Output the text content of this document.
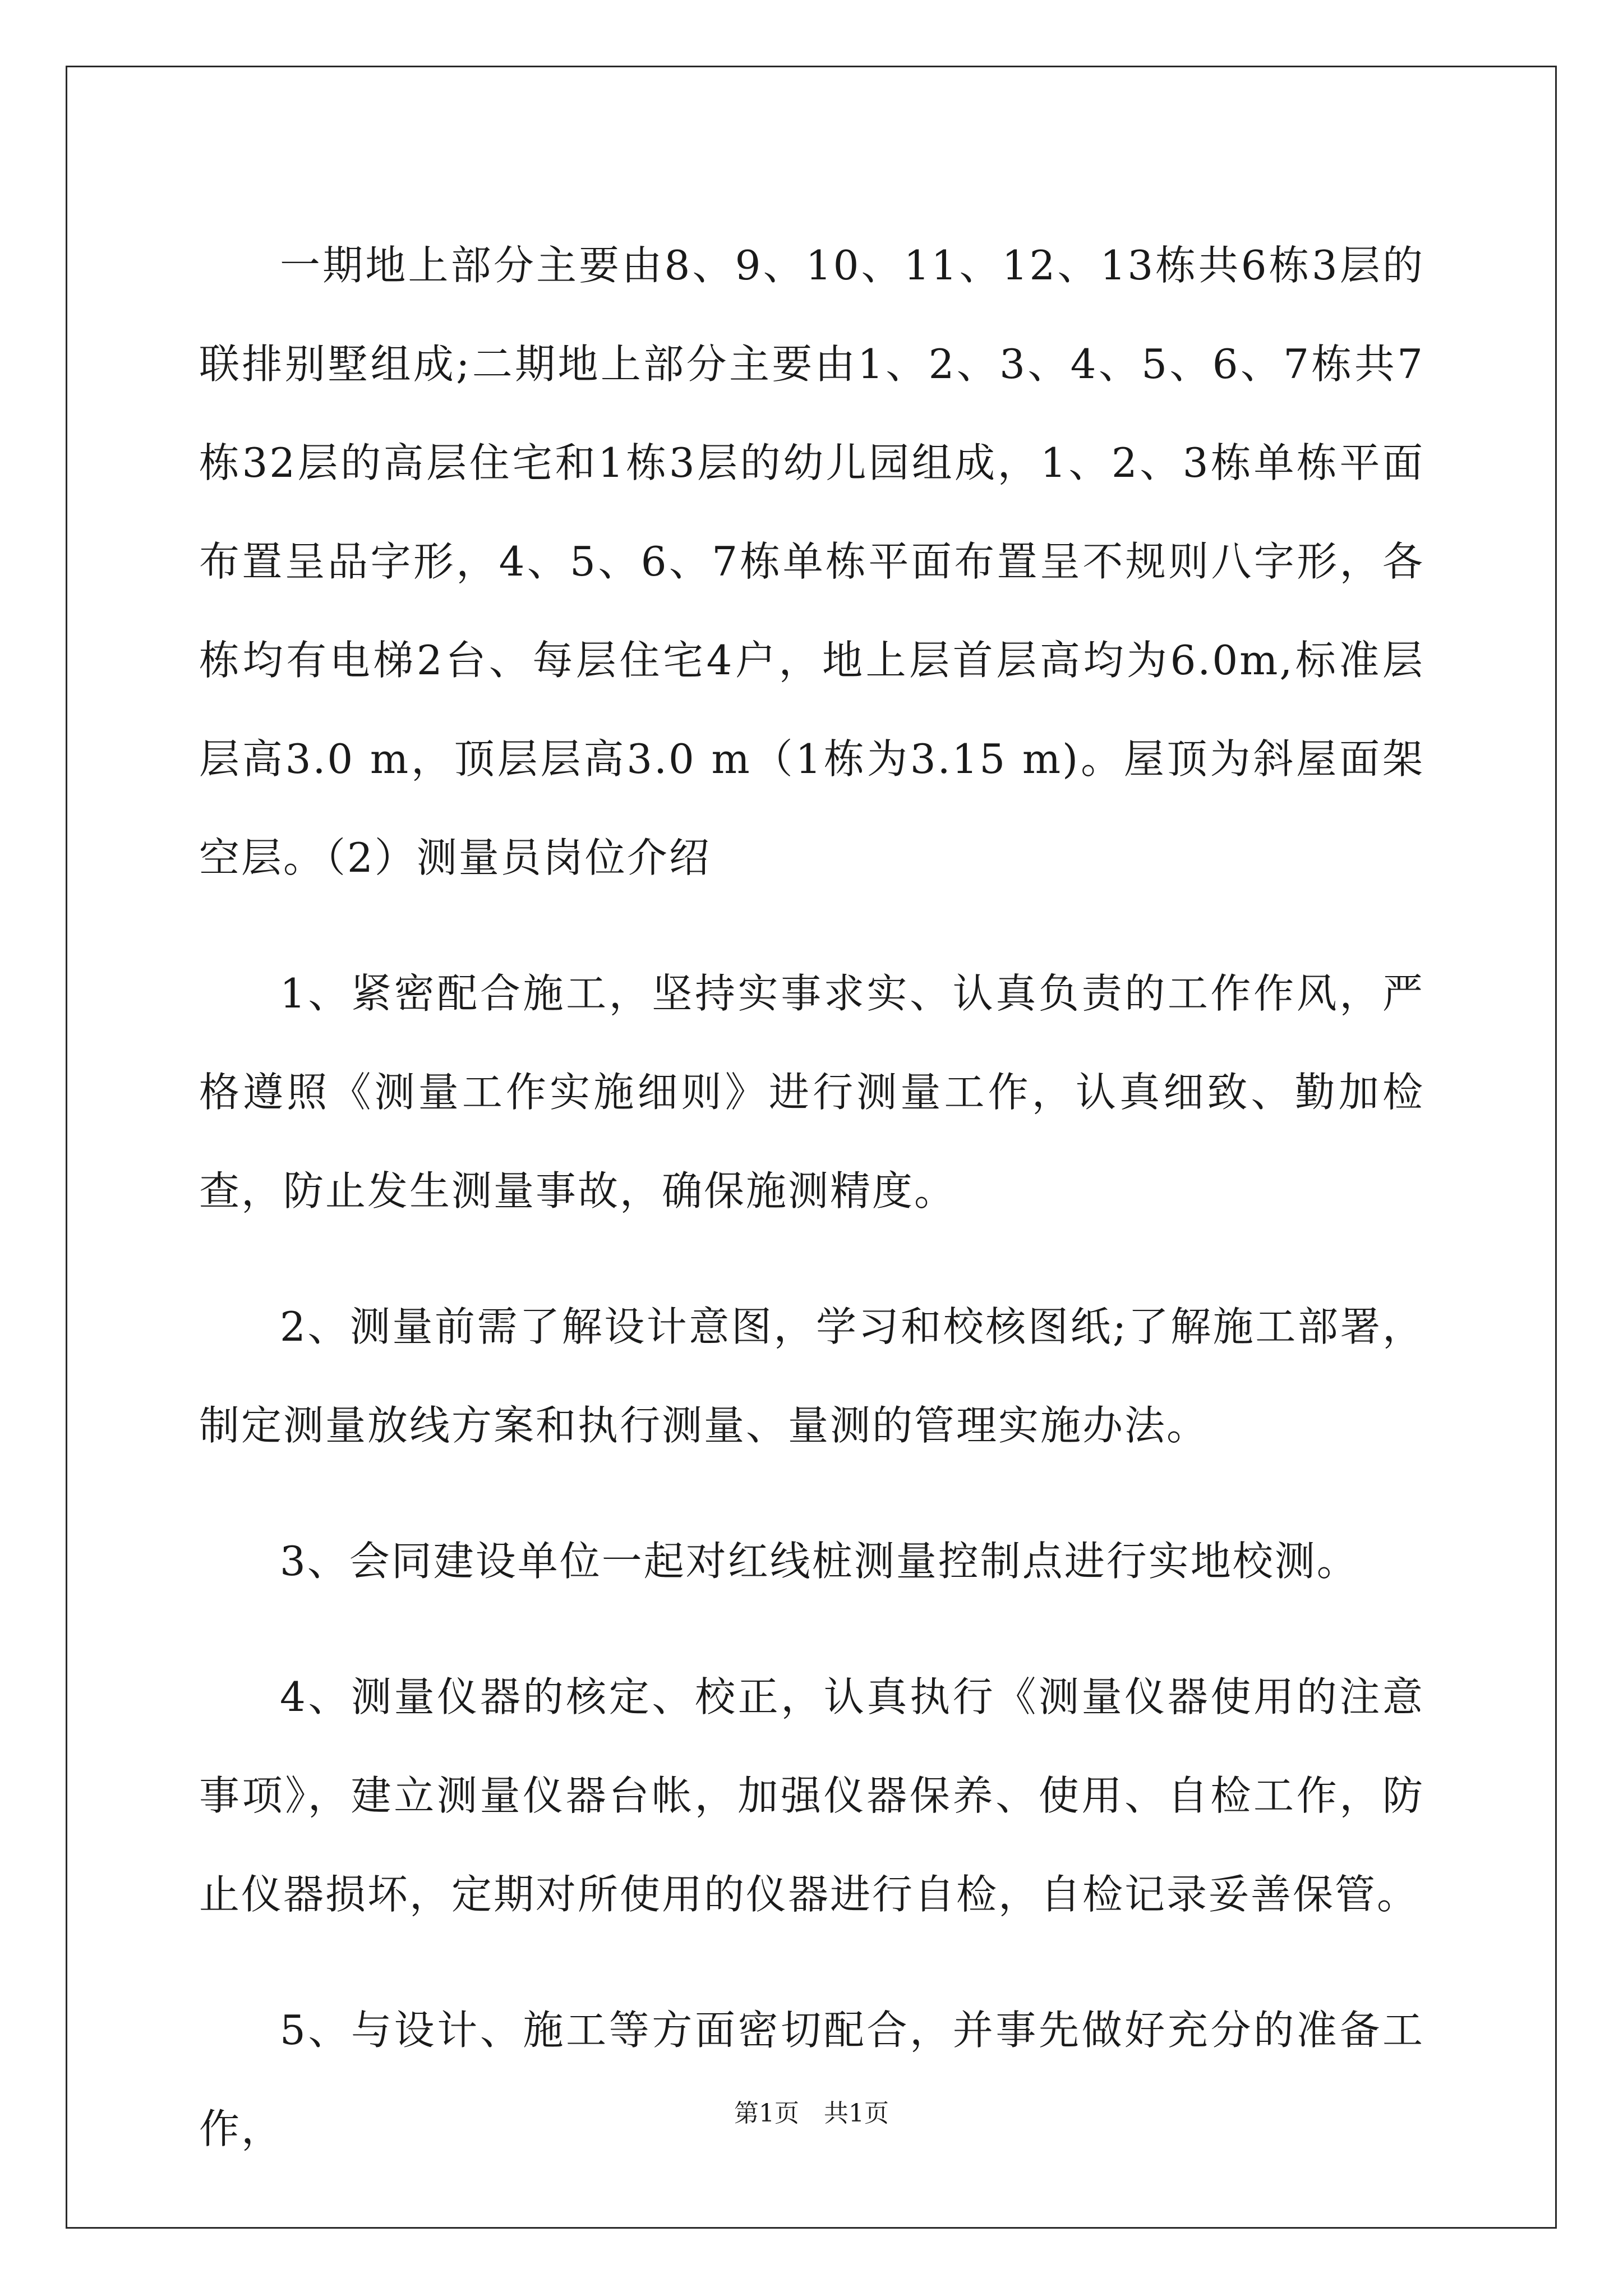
一期地上部分主要由8、9、10、11、12、13栋共6栋3层的联排别墅组成;二期地上部分主要由1、2、3、4、5、6、7栋共7栋32层的高层住宅和1栋3层的幼儿园组成，1、2、3栋单栋平面布置呈品字形，4、5、6、7栋单栋平面布置呈不规则八字形，各栋均有电梯2台、每层住宅4户，地上层首层高均为6.0m,标准层层高3.0 m，顶层层高3.0 m（1栋为3.15 m)。屋顶为斜屋面架空层。（2）测量员岗位介绍

1、紧密配合施工，坚持实事求实、认真负责的工作作风，严格遵照《测量工作实施细则》进行测量工作，认真细致、勤加检查，防止发生测量事故，确保施测精度。

2、测量前需了解设计意图，学习和校核图纸;了解施工部署，制定测量放线方案和执行测量、量测的管理实施办法。

3、会同建设单位一起对红线桩测量控制点进行实地校测。

4、测量仪器的核定、校正，认真执行《测量仪器使用的注意事项》，建立测量仪器台帐，加强仪器保养、使用、自检工作，防止仪器损坏，定期对所使用的仪器进行自检，自检记录妥善保管。

5、与设计、施工等方面密切配合，并事先做好充分的准备工作，	第1页　共1页
